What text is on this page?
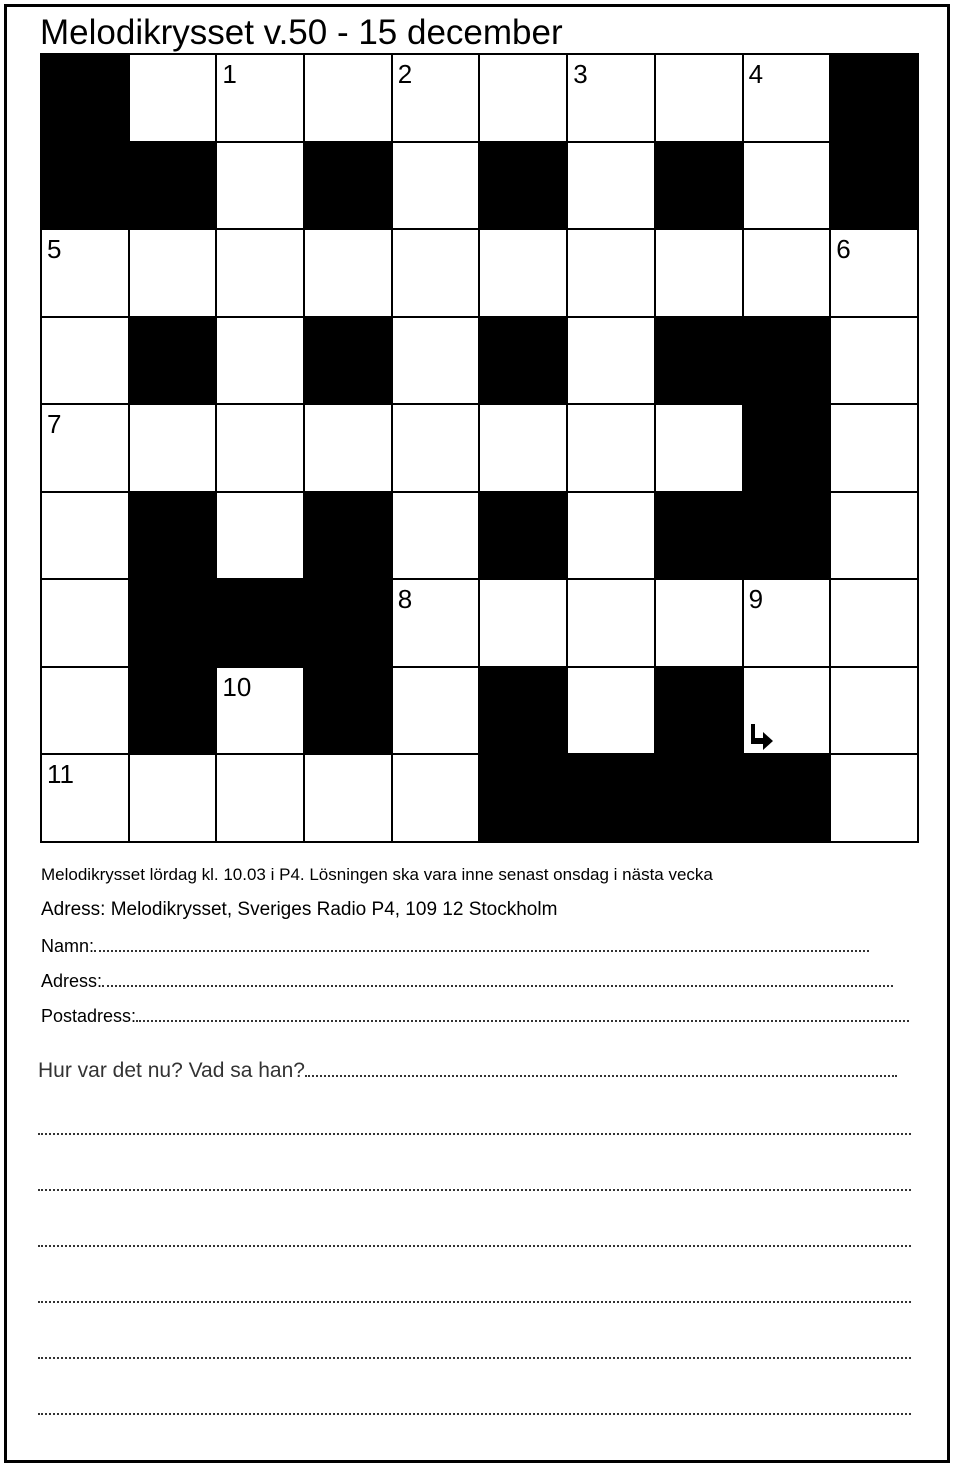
Melodikrysset v.50 - 15 december
1	2	3	4
5	6
7
8	9
10
11
Melodikrysset lördag kl. 10.03 i P4. Lösningen ska vara inne senast onsdag i nästa vecka
Adress: Melodikrysset, Sveriges Radio P4, 109 12 Stockholm
Namn:
Adress:
Postadress:
Hur var det nu? Vad sa han?
